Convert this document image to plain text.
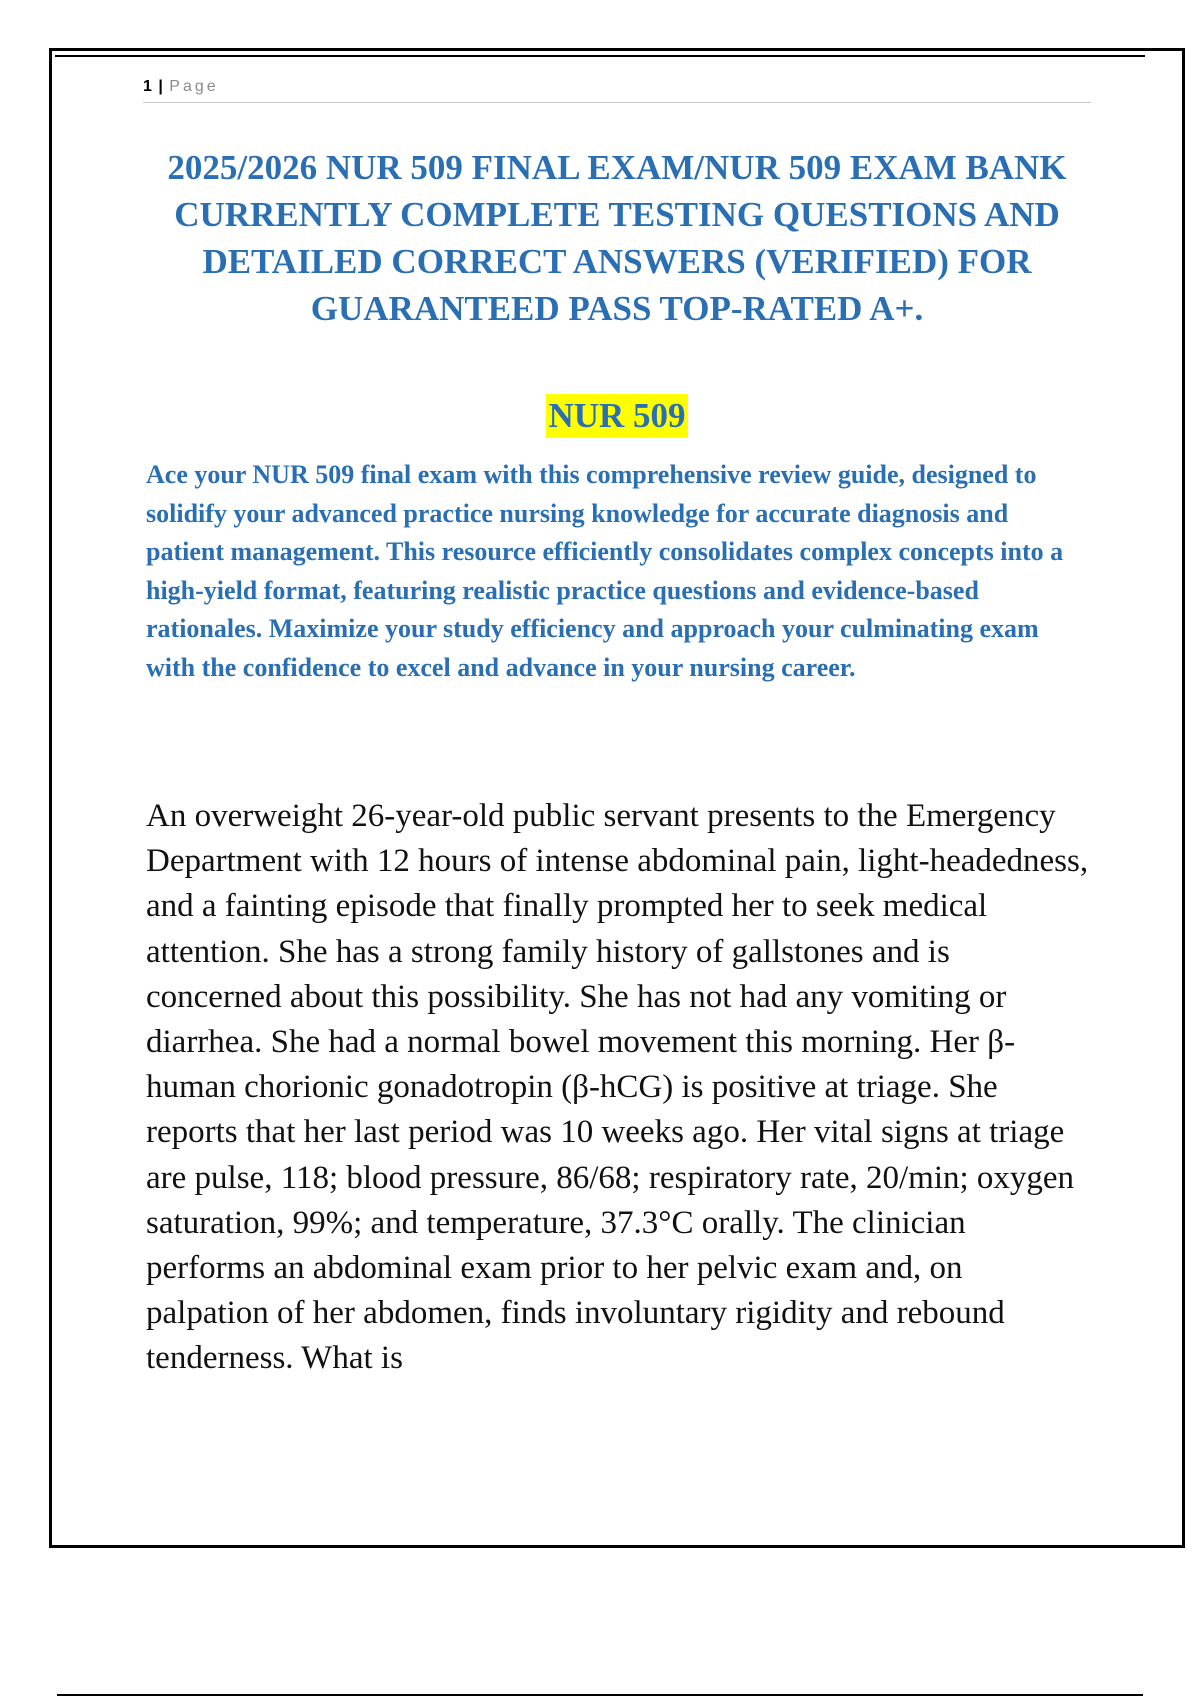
1 | Page
2025/2026 NUR 509 FINAL EXAM/NUR 509 EXAM BANK CURRENTLY COMPLETE TESTING QUESTIONS AND DETAILED CORRECT ANSWERS (VERIFIED) FOR GUARANTEED PASS TOP-RATED A+.
NUR 509

Ace your NUR 509 final exam with this comprehensive review guide, designed to solidify your advanced practice nursing knowledge for accurate diagnosis and patient management. This resource efficiently consolidates complex concepts into a high-yield format, featuring realistic practice questions and evidence-based rationales. Maximize your study efficiency and approach your culminating exam with the confidence to excel and advance in your nursing career.

An overweight 26-year-old public servant presents to the Emergency Department with 12 hours of intense abdominal pain, light-headedness, and a fainting episode that finally prompted her to seek medical attention. She has a strong family history of gallstones and is concerned about this possibility. She has not had any vomiting or diarrhea. She had a normal bowel movement this morning. Her β-human chorionic gonadotropin (β-hCG) is positive at triage. She reports that her last period was 10 weeks ago. Her vital signs at triage are pulse, 118; blood pressure, 86/68; respiratory rate, 20/min; oxygen saturation, 99%; and temperature, 37.3°C orally. The clinician performs an abdominal exam prior to her pelvic exam and, on palpation of her abdomen, finds involuntary rigidity and rebound tenderness. What is
